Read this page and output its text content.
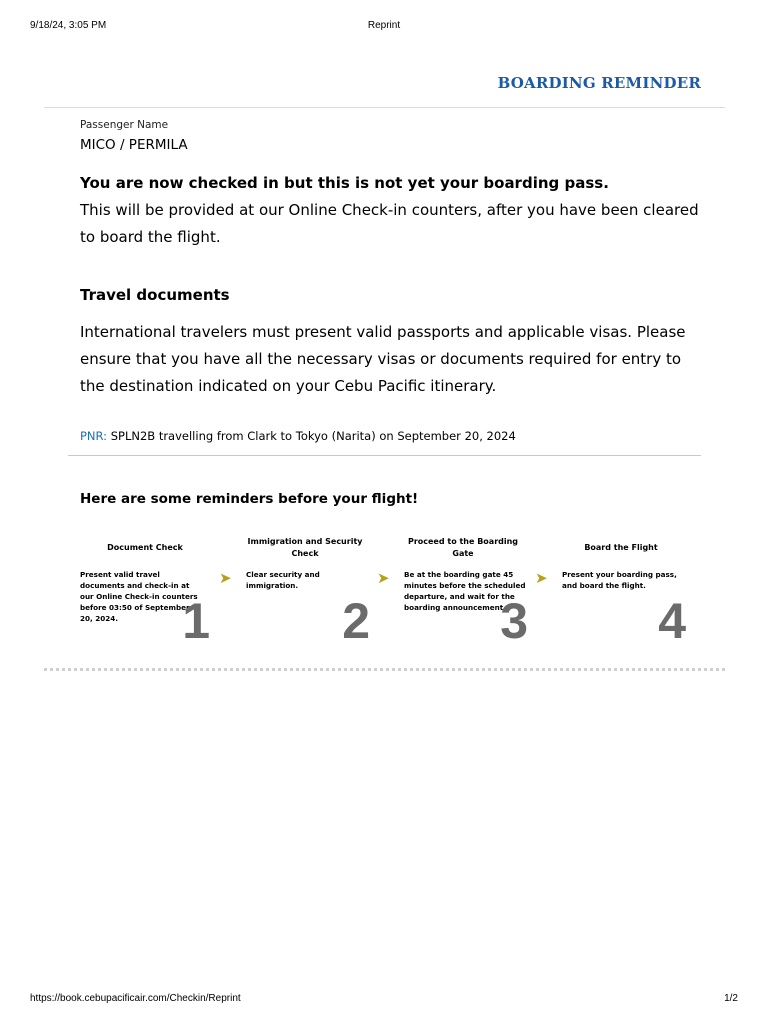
9/18/24, 3:05 PM	Reprint
BOARDING REMINDER
Passenger Name
MICO / PERMILA
You are now checked in but this is not yet your boarding pass.
This will be provided at our Online Check-in counters, after you have been cleared to board the flight.
Travel documents
International travelers must present valid passports and applicable visas. Please ensure that you have all the necessary visas or documents required for entry to the destination indicated on your Cebu Pacific itinerary.
PNR: SPLN2B travelling from Clark to Tokyo (Narita) on September 20, 2024
Here are some reminders before your flight!
Document Check
Present valid travel documents and check-in at our Online Check-in counters before 03:50 of September 20, 2024.	1
➤
Immigration and Security Check
Clear security and immigration.
2
➤
Proceed to the Boarding Gate
Be at the boarding gate 45 minutes before the scheduled departure, and wait for the boarding announcement.
3
➤
Board the Flight
Present your boarding pass, and board the flight.
4
https://book.cebupacificair.com/Checkin/Reprint	1/2
